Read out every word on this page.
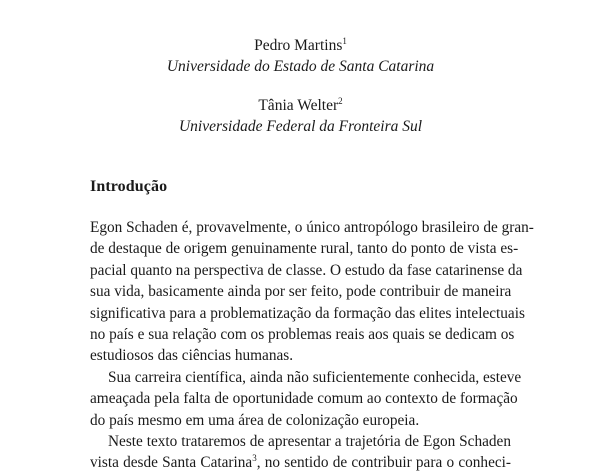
Pedro Martins$^1$
Universidade do Estado de Santa Catarina
Tânia Welter$^2$
Universidade Federal da Fronteira Sul
Introdução
Egon Schaden é, provavelmente, o único antropólogo brasileiro de gran-
de destaque de origem genuinamente rural, tanto do ponto de vista es-
pacial quanto na perspectiva de classe. O estudo da fase catarinense da
sua vida, basicamente ainda por ser feito, pode contribuir de maneira
significativa para a problematização da formação das elites intelectuais
no país e sua relação com os problemas reais aos quais se dedicam os
estudiosos das ciências humanas.
Sua carreira científica, ainda não suficientemente conhecida, esteve
ameaçada pela falta de oportunidade comum ao contexto de formação
do país mesmo em uma área de colonização europeia.
Neste texto trataremos de apresentar a trajetória de Egon Schaden
vista desde Santa Catarina$^3$, no sentido de contribuir para o conheci-
